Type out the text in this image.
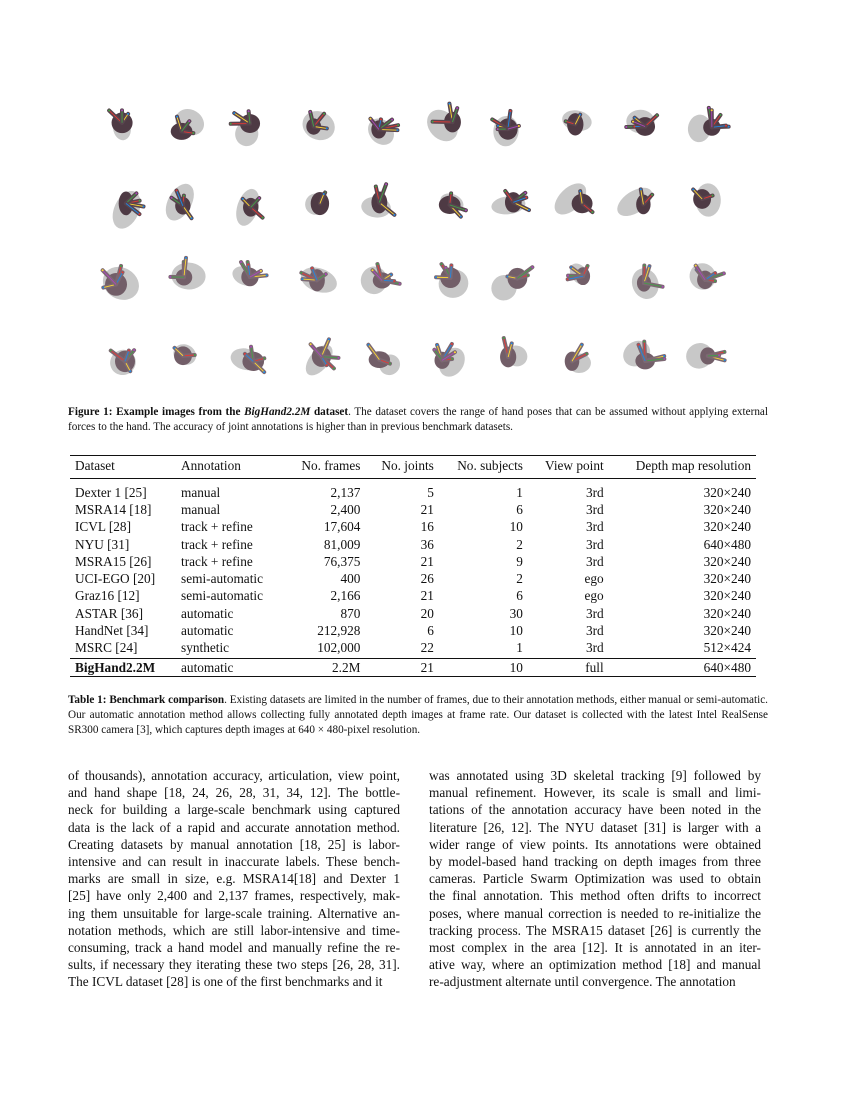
Figure 1: Example images from the BigHand2.2M dataset. The dataset covers the range of hand poses that can be assumed without applying external forces to the hand. The accuracy of joint annotations is higher than in previous benchmark datasets.
Dataset	Annotation	No. frames	No. joints	No. subjects	View point	Depth map resolution
Dexter 1 [25]	manual	2,137	5	1	3rd	320×240
MSRA14 [18]	manual	2,400	21	6	3rd	320×240
ICVL [28]	track + refine	17,604	16	10	3rd	320×240
NYU [31]	track + refine	81,009	36	2	3rd	640×480
MSRA15 [26]	track + refine	76,375	21	9	3rd	320×240
UCI-EGO [20]	semi-automatic	400	26	2	ego	320×240
Graz16 [12]	semi-automatic	2,166	21	6	ego	320×240
ASTAR [36]	automatic	870	20	30	3rd	320×240
HandNet [34]	automatic	212,928	6	10	3rd	320×240
MSRC [24]	synthetic	102,000	22	1	3rd	512×424
BigHand2.2M	automatic	2.2M	21	10	full	640×480
Table 1: Benchmark comparison. Existing datasets are limited in the number of frames, due to their annotation methods, either manual or semi-automatic. Our automatic annotation method allows collecting fully annotated depth images at frame rate. Our dataset is collected with the latest Intel RealSense SR300 camera [3], which captures depth images at 640 × 480-pixel resolution.
of thousands), annotation accuracy, articulation, view point,
and hand shape [18, 24, 26, 28, 31, 34, 12]. The bottle-
neck for building a large-scale benchmark using captured
data is the lack of a rapid and accurate annotation method.
Creating datasets by manual annotation [18, 25] is labor-
intensive and can result in inaccurate labels. These bench-
marks are small in size, e.g. MSRA14[18] and Dexter 1
[25] have only 2,400 and 2,137 frames, respectively, mak-
ing them unsuitable for large-scale training. Alternative an-
notation methods, which are still labor-intensive and time-
consuming, track a hand model and manually refine the re-
sults, if necessary they iterating these two steps [26, 28, 31].
The ICVL dataset [28] is one of the first benchmarks and it
was annotated using 3D skeletal tracking [9] followed by
manual refinement. However, its scale is small and limi-
tations of the annotation accuracy have been noted in the
literature [26, 12]. The NYU dataset [31] is larger with a
wider range of view points. Its annotations were obtained
by model-based hand tracking on depth images from three
cameras. Particle Swarm Optimization was used to obtain
the final annotation. This method often drifts to incorrect
poses, where manual correction is needed to re-initialize the
tracking process. The MSRA15 dataset [26] is currently the
most complex in the area [12]. It is annotated in an iter-
ative way, where an optimization method [18] and manual
re-adjustment alternate until convergence. The annotation
